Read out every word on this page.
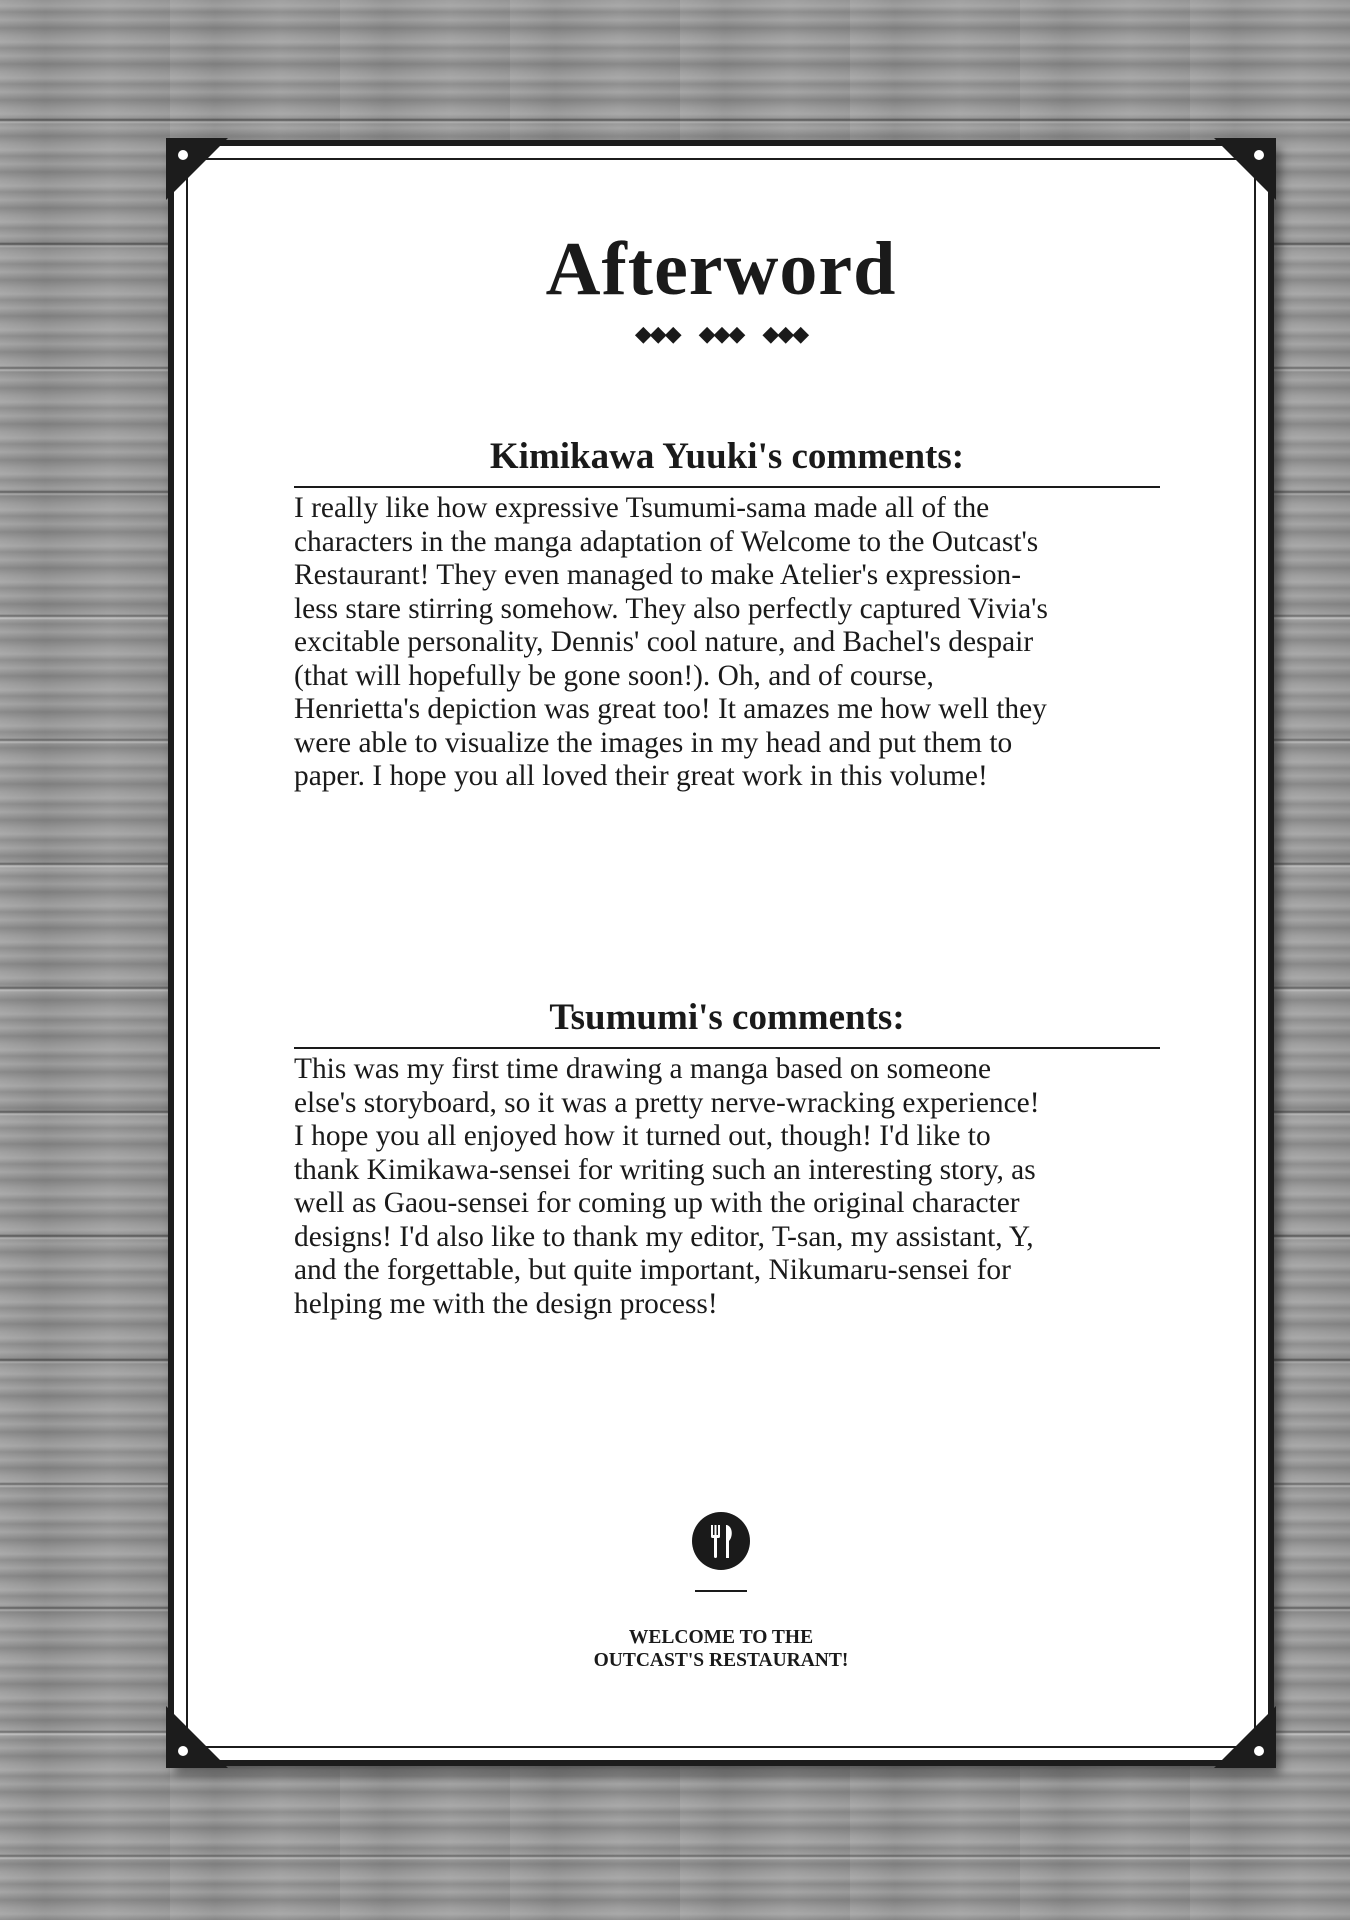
Afterword
◆◆◆ ◆◆◆ ◆◆◆
Kimikawa Yuuki's comments:
I really like how expressive Tsumumi-sama made all of the
characters in the manga adaptation of Welcome to the Outcast's
Restaurant! They even managed to make Atelier's expression-
less stare stirring somehow. They also perfectly captured Vivia's
excitable personality, Dennis' cool nature, and Bachel's despair
(that will hopefully be gone soon!). Oh, and of course,
Henrietta's depiction was great too! It amazes me how well they
were able to visualize the images in my head and put them to
paper. I hope you all loved their great work in this volume!
Tsumumi's comments:
This was my first time drawing a manga based on someone
else's storyboard, so it was a pretty nerve-wracking experience!
I hope you all enjoyed how it turned out, though! I'd like to
thank Kimikawa-sensei for writing such an interesting story, as
well as Gaou-sensei for coming up with the original character
designs! I'd also like to thank my editor, T-san, my assistant, Y,
and the forgettable, but quite important, Nikumaru-sensei for
helping me with the design process!
WELCOME TO THE
OUTCAST'S RESTAURANT!
